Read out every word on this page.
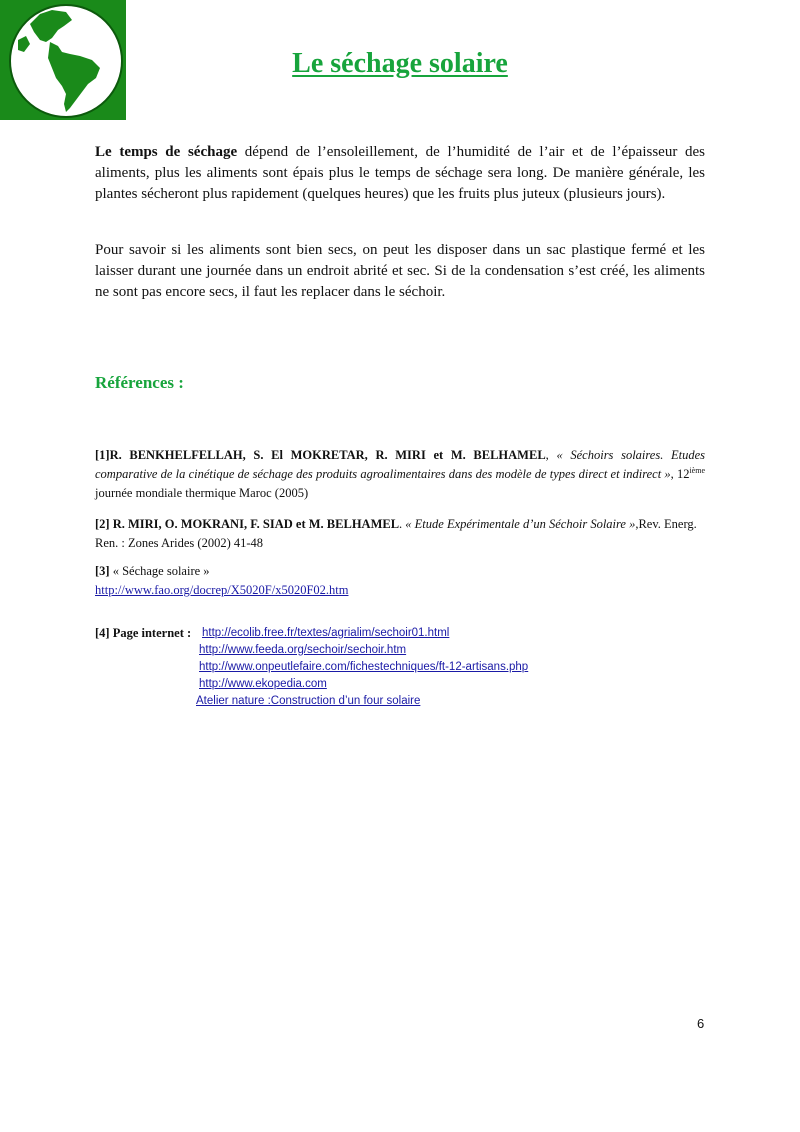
Le séchage solaire
Le temps de séchage dépend de l’ensoleillement, de l’humidité de l’air et de l’épaisseur des aliments, plus les aliments sont épais plus le temps de séchage sera long. De manière générale, les plantes sécheront plus rapidement (quelques heures) que les fruits plus juteux (plusieurs jours).
Pour savoir si les aliments sont bien secs, on peut les disposer dans un sac plastique fermé et les laisser durant une journée dans un endroit abrité et sec. Si de la condensation s’est créé, les aliments ne sont pas encore secs, il faut les replacer dans le séchoir.
Références :
[1]R. BENKHELFELLAH, S. El MOKRETAR, R. MIRI et M. BELHAMEL, « Séchoirs solaires. Etudes comparative de la cinétique de séchage des produits agroalimentaires dans des modèle de types direct et indirect », 12ième journée mondiale thermique Maroc (2005)
[2] R. MIRI, O. MOKRANI, F. SIAD et M. BELHAMEL. « Etude Expérimentale d’un Séchoir Solaire »,Rev. Energ. Ren. : Zones Arides (2002) 41-48
[3] « Séchage solaire »
http://www.fao.org/docrep/X5020F/x5020F02.htm
[4] Page internet : http://ecolib.free.fr/textes/agrialim/sechoir01.html
http://www.feeda.org/sechoir/sechoir.htm
http://www.onpeutlefaire.com/fichestechniques/ft-12-artisans.php
http://www.ekopedia.com
Atelier nature :Construction d’un four solaire
6
